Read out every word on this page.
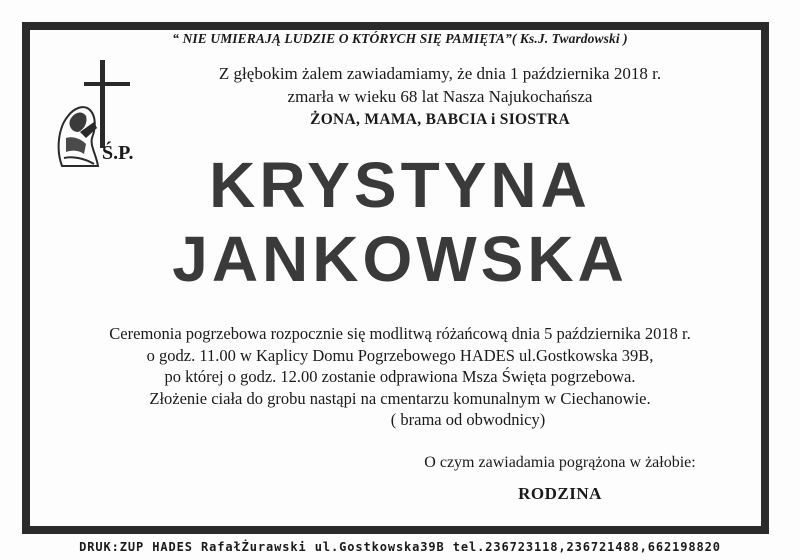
“ NIE UMIERAJĄ LUDZIE O KTÓRYCH SIĘ PAMIĘTA”( Ks.J. Twardowski )
Ś.P.
Z głębokim żalem zawiadamiamy, że dnia 1 października 2018 r.
zmarła w wieku 68 lat Nasza Najukochańsza
ŻONA, MAMA, BABCIA i SIOSTRA
KRYSTYNA
JANKOWSKA
Ceremonia pogrzebowa rozpocznie się modlitwą różańcową dnia 5 października 2018 r.
o godz. 11.00 w Kaplicy Domu Pogrzebowego HADES ul.Gostkowska 39B,
po której o godz. 12.00 zostanie odprawiona Msza Święta pogrzebowa.
Złożenie ciała do grobu nastąpi na cmentarzu komunalnym w Ciechanowie.
( brama od obwodnicy)
O czym zawiadamia pogrążona w żałobie:
RODZINA
DRUK:ZUP HADES RafałŻurawski ul.Gostkowska39B tel.236723118,236721488,662198820
